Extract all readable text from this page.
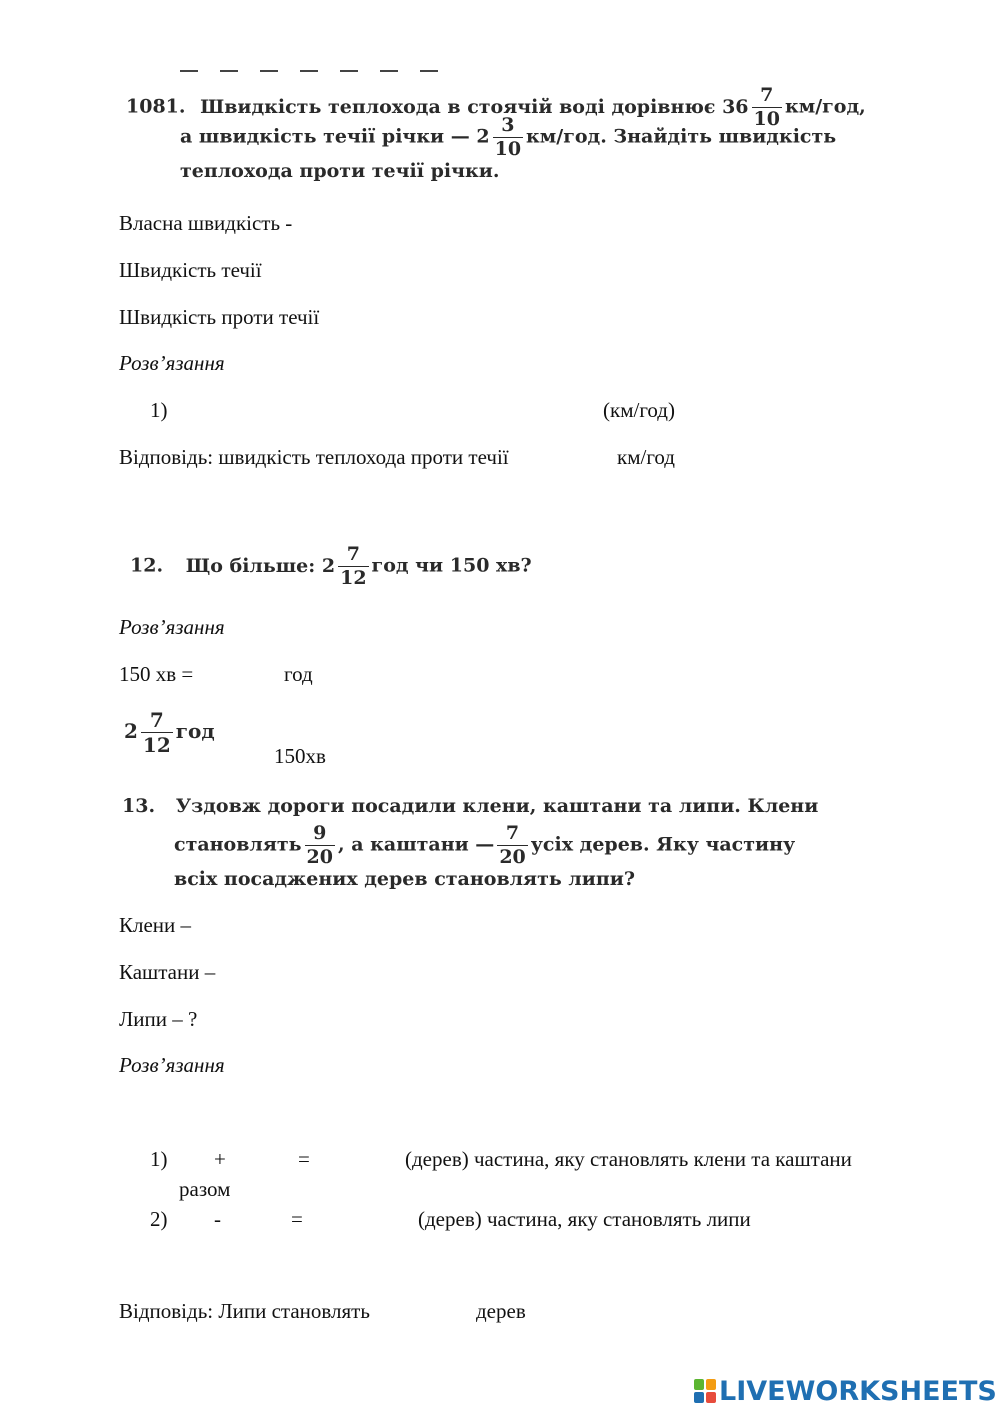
1081. Швидкість теплохода в стоячій воді дорівнює $36 \frac{7}{10} км/год$,
а швидкість течії річки — $2 \frac{3}{10} км/год$. Знайдіть швидкість
теплохода проти течії річки.
Власна швидкість -
Швидкість течії
Швидкість проти течії
Розв’язання
1)	(км/год)
Відповідь: швидкість теплохода проти течії	км/год
12. Що більше: $2 \frac{7}{12}$ год чи 150 хв?
Розв’язання
150 хв =	год
$2 \frac{7}{12}$ год
150хв
13. Уздовж дороги посадили клени, каштани та липи. Клени
становлять $\frac{9}{20}$ , а каштани — $\frac{7}{20}$ усіх дерев. Яку частину
всіх посаджених дерев становлять липи?
Клени –
Каштани –
Липи – ?
Розв’язання
1) +	=	(дерев) частина, яку становлять клени та каштани
разом
2) -	=	(дерев) частина, яку становлять липи
Відповідь: Липи становлять	дерев
LIVEWORKSHEETS
